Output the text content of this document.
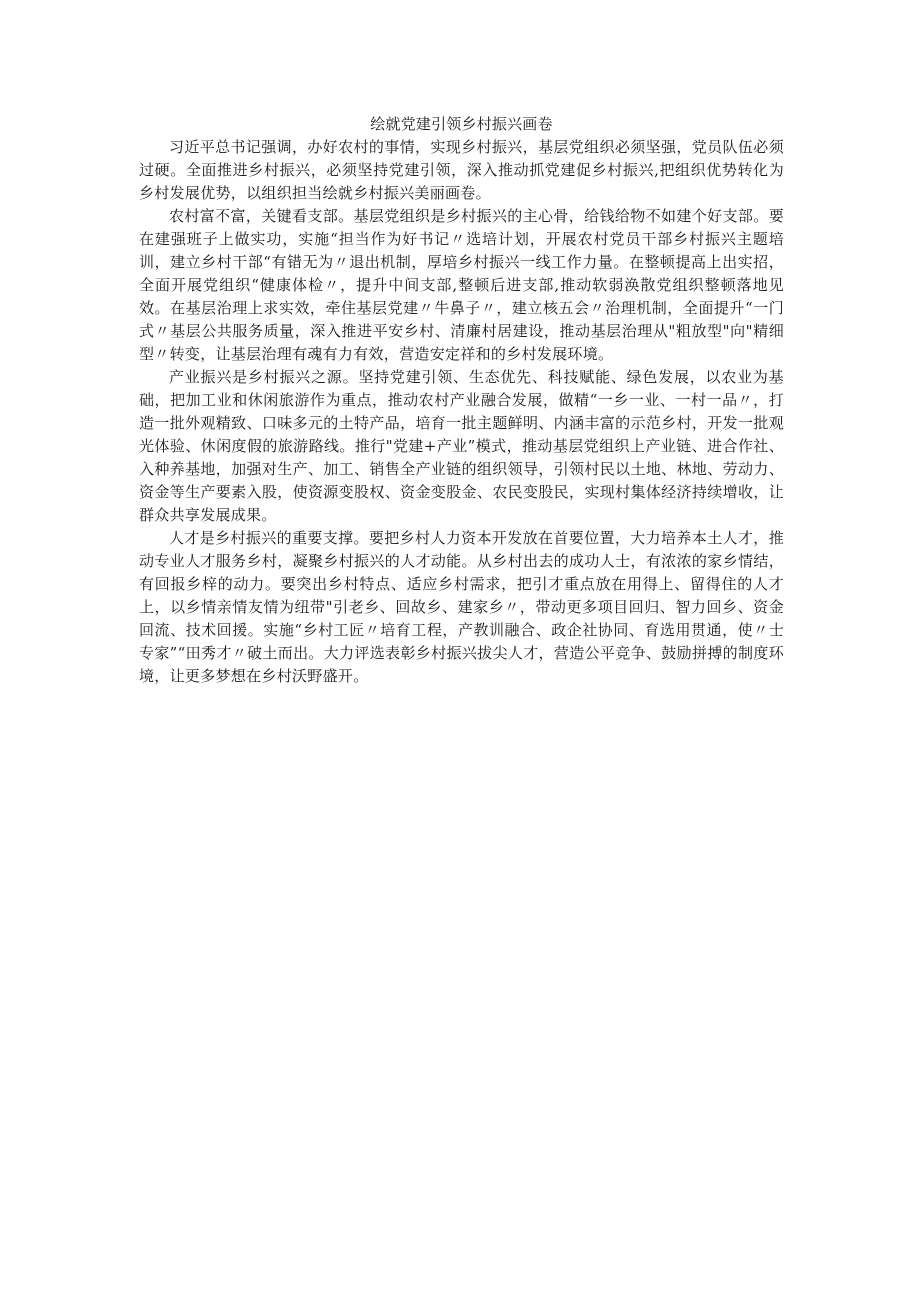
绘就党建引领乡村振兴画卷

习近平总书记强调，办好农村的事情，实现乡村振兴，基层党组织必须坚强，党员队伍必须过硬。全面推进乡村振兴，必须坚持党建引领，深入推动抓党建促乡村振兴,把组织优势转化为乡村发展优势，以组织担当绘就乡村振兴美丽画卷。

农村富不富，关键看支部。基层党组织是乡村振兴的主心骨，给钱给物不如建个好支部。要在建强班子上做实功，实施“担当作为好书记〃选培计划，开展农村党员干部乡村振兴主题培训，建立乡村干部“有错无为〃退出机制，厚培乡村振兴一线工作力量。在整顿提高上出实招，全面开展党组织“健康体检〃，提升中间支部,整顿后进支部,推动软弱涣散党组织整顿落地见效。在基层治理上求实效，牵住基层党建〃牛鼻子〃，建立核五会〃治理机制，全面提升“一门式〃基层公共服务质量，深入推进平安乡村、清廉村居建设，推动基层治理从"粗放型"向"精细型〃转变，让基层治理有魂有力有效，营造安定祥和的乡村发展环境。

产业振兴是乡村振兴之源。坚持党建引领、生态优先、科技赋能、绿色发展，以农业为基础，把加工业和休闲旅游作为重点，推动农村产业融合发展，做精“一乡一业、一村一品〃，打造一批外观精致、口味多元的土特产品，培育一批主题鲜明、内涵丰富的示范乡村，开发一批观光体验、休闲度假的旅游路线。推行"党建+产业”模式，推动基层党组织上产业链、进合作社、入种养基地，加强对生产、加工、销售全产业链的组织领导，引领村民以土地、林地、劳动力、资金等生产要素入股，使资源变股权、资金变股金、农民变股民，实现村集体经济持续增收，让群众共享发展成果。

人才是乡村振兴的重要支撑。要把乡村人力资本开发放在首要位置，大力培养本土人才，推动专业人才服务乡村，凝聚乡村振兴的人才动能。从乡村出去的成功人士，有浓浓的家乡情结，有回报乡梓的动力。要突出乡村特点、适应乡村需求，把引才重点放在用得上、留得住的人才上，以乡情亲情友情为纽带"引老乡、回故乡、建家乡〃，带动更多项目回归、智力回乡、资金回流、技术回援。实施“乡村工匠〃培育工程，产教训融合、政企社协同、育选用贯通，使〃士专家”“田秀才〃破土而出。大力评选表彰乡村振兴拔尖人才，营造公平竞争、鼓励拼搏的制度环境，让更多梦想在乡村沃野盛开。
